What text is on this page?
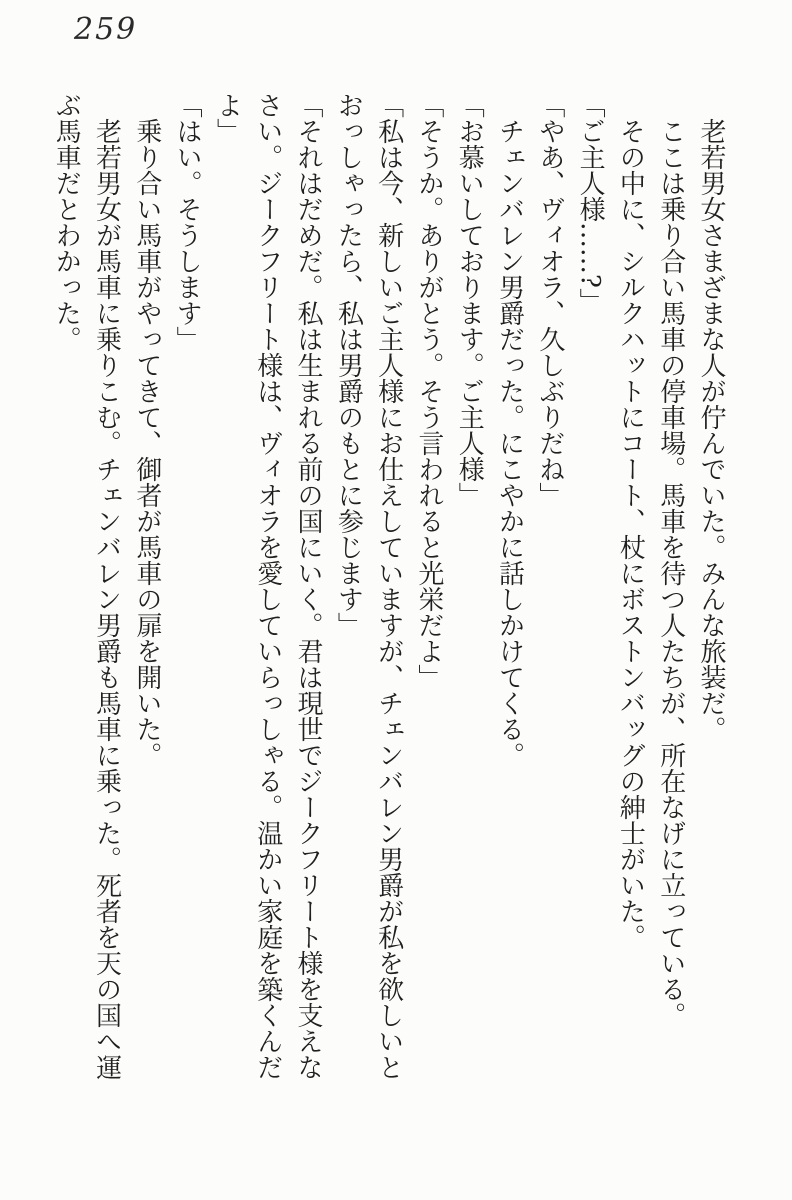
259

老若男女さまざまな人が佇んでいた。みんな旅装だ。

ここは乗り合い馬車の停車場。馬車を待つ人たちが、所在なげに立っている。

その中に、シルクハットにコート、杖にボストンバッグの紳士がいた。

「ご主人様……?」

「やあ、ヴィオラ、久しぶりだね」

チェンバレン男爵だった。にこやかに話しかけてくる。

「お慕いしております。ご主人様」

「そうか。ありがとう。そう言われると光栄だよ」

「私は今、新しいご主人様にお仕えしていますが、チェンバレン男爵が私を欲しいとおっしゃったら、私は男爵のもとに参じます」

「それはだめだ。私は生まれる前の国にいく。君は現世でジークフリート様を支えなさい。ジークフリート様は、ヴィオラを愛していらっしゃる。温かい家庭を築くんだよ」

「はい。そうします」

乗り合い馬車がやってきて、御者が馬車の扉を開いた。

老若男女が馬車に乗りこむ。チェンバレン男爵も馬車に乗った。死者を天の国へ運ぶ馬車だとわかった。
